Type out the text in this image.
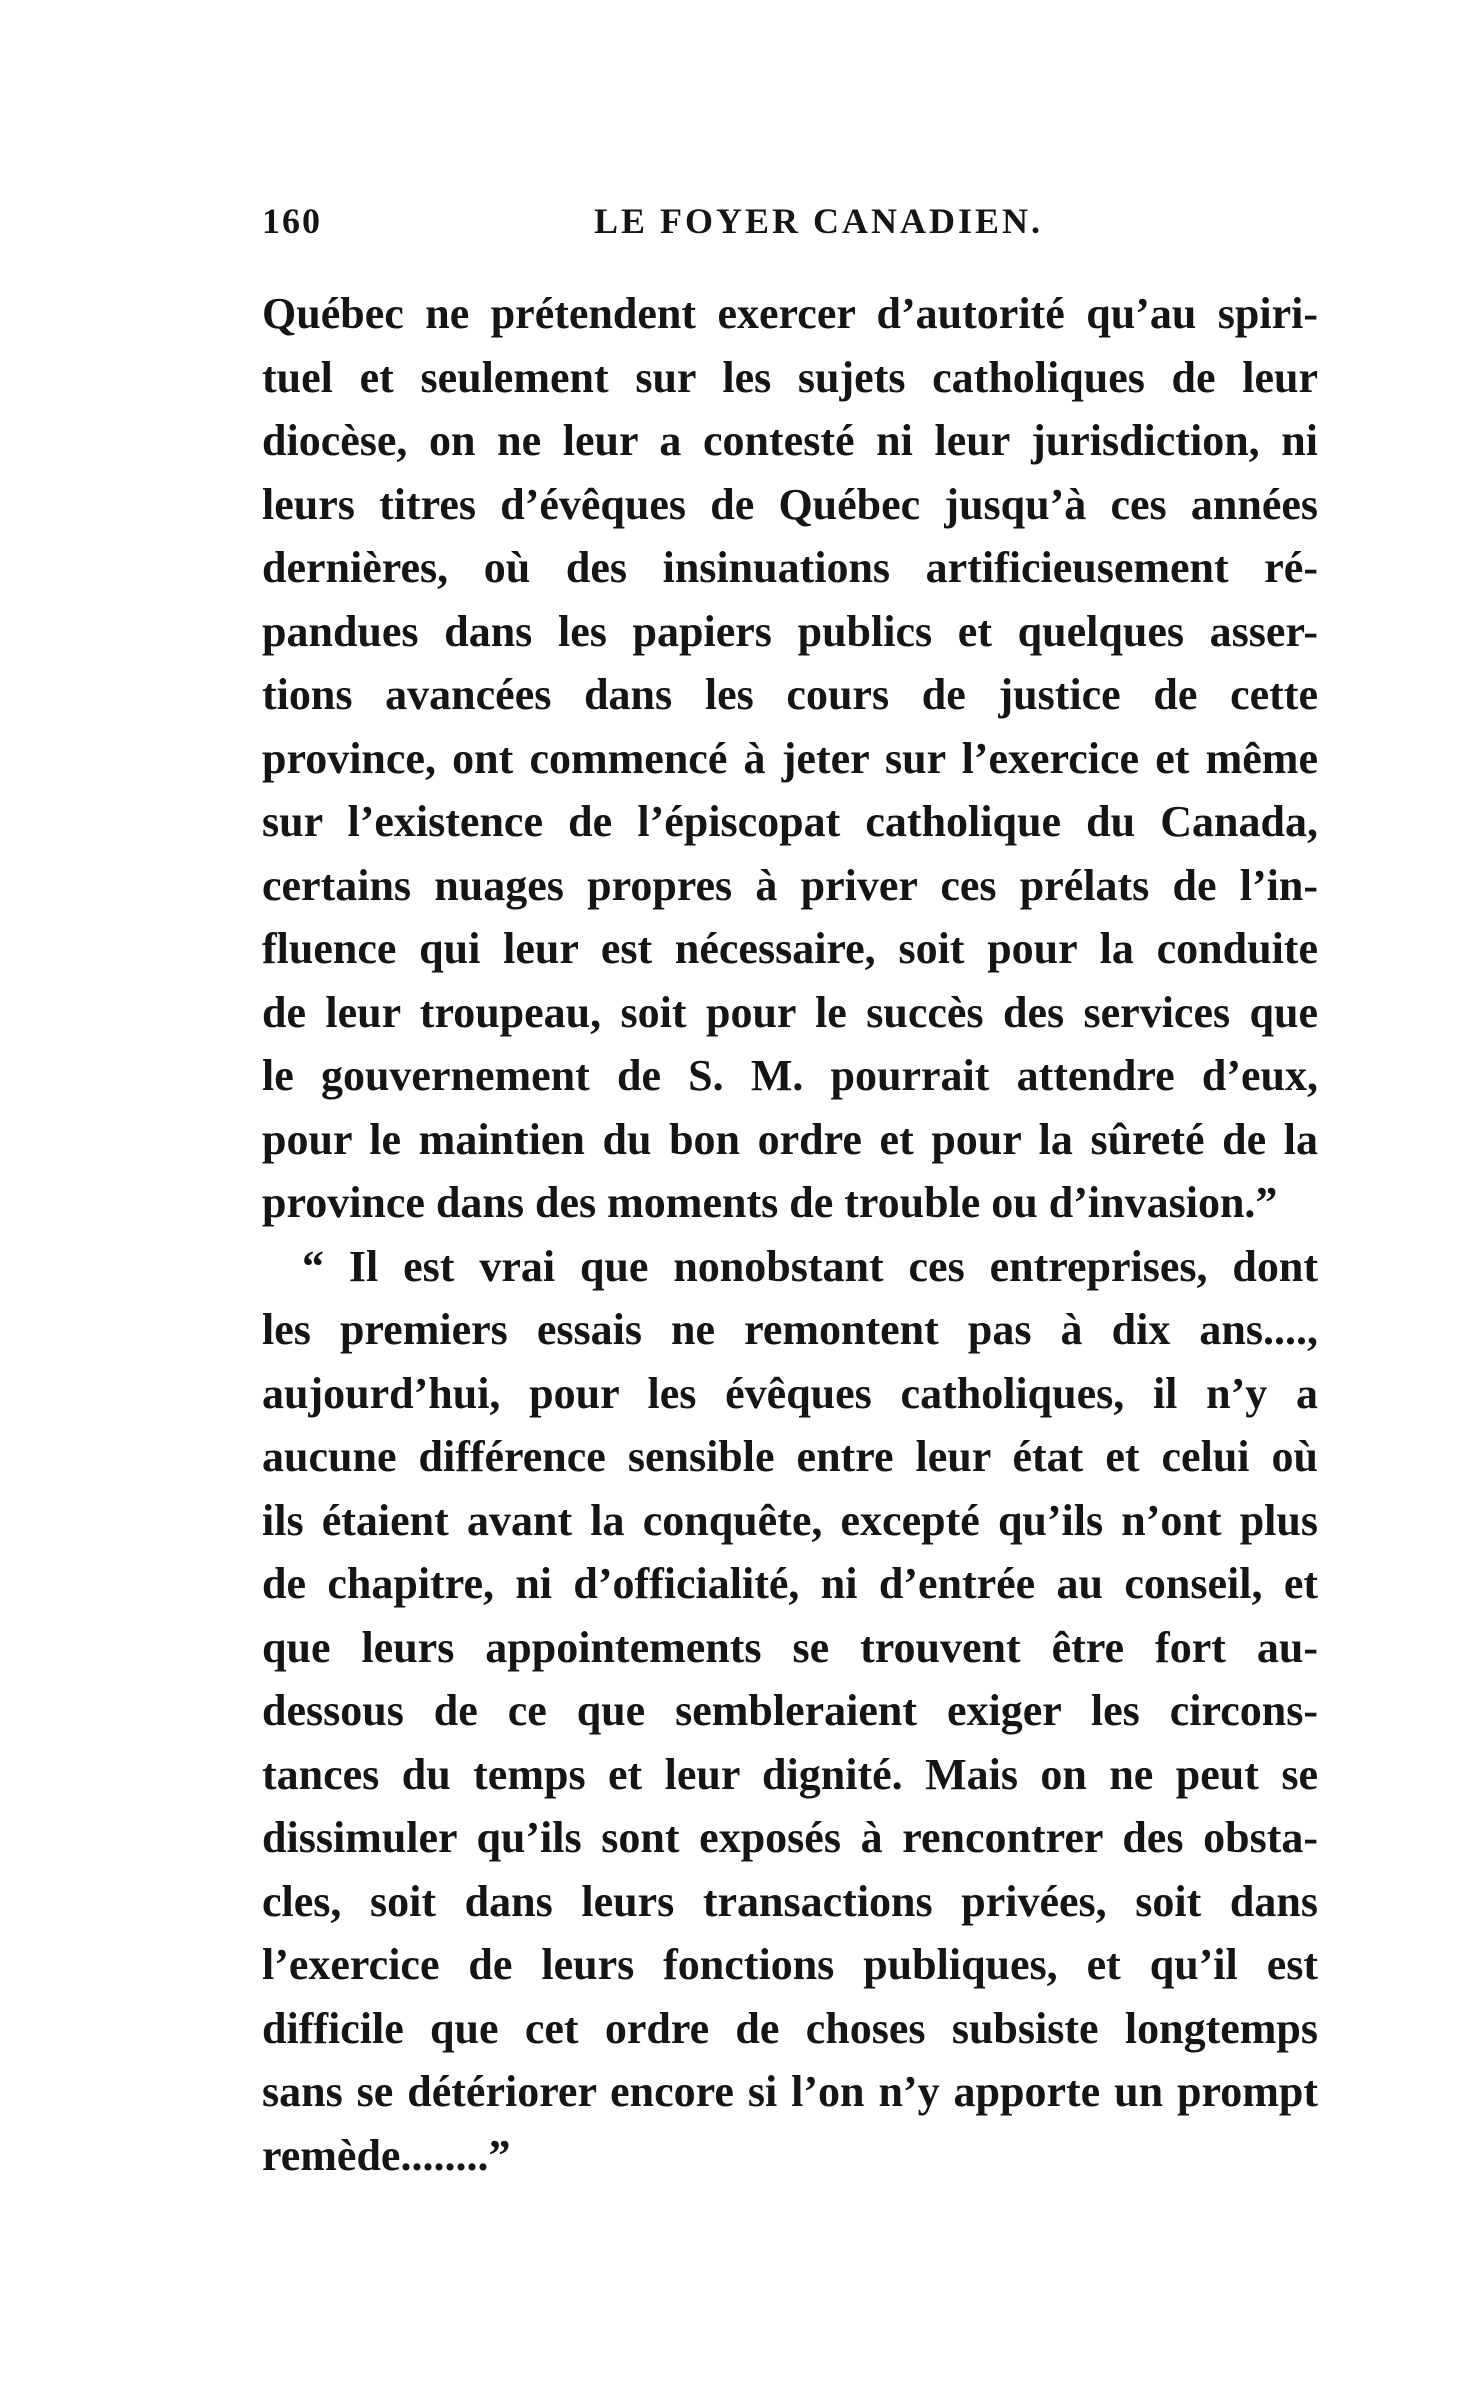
160	LE FOYER CANADIEN.
Québec ne prétendent exercer d’autorité qu’au spiri-
tuel et seulement sur les sujets catholiques de leur
diocèse, on ne leur a contesté ni leur jurisdiction, ni
leurs titres d’évêques de Québec jusqu’à ces années
dernières, où des insinuations artificieusement ré-
pandues dans les papiers publics et quelques asser-
tions avancées dans les cours de justice de cette
province, ont commencé à jeter sur l’exercice et même
sur l’existence de l’épiscopat catholique du Canada,
certains nuages propres à priver ces prélats de l’in-
fluence qui leur est nécessaire, soit pour la conduite
de leur troupeau, soit pour le succès des services que
le gouvernement de S. M. pourrait attendre d’eux,
pour le maintien du bon ordre et pour la sûreté de la
province dans des moments de trouble ou d’invasion.”
“ Il est vrai que nonobstant ces entreprises, dont
les premiers essais ne remontent pas à dix ans....,
aujourd’hui, pour les évêques catholiques, il n’y a
aucune différence sensible entre leur état et celui où
ils étaient avant la conquête, excepté qu’ils n’ont plus
de chapitre, ni d’officialité, ni d’entrée au conseil, et
que leurs appointements se trouvent être fort au-
dessous de ce que sembleraient exiger les circons-
tances du temps et leur dignité. Mais on ne peut se
dissimuler qu’ils sont exposés à rencontrer des obsta-
cles, soit dans leurs transactions privées, soit dans
l’exercice de leurs fonctions publiques, et qu’il est
difficile que cet ordre de choses subsiste longtemps
sans se détériorer encore si l’on n’y apporte un prompt
remède........”
